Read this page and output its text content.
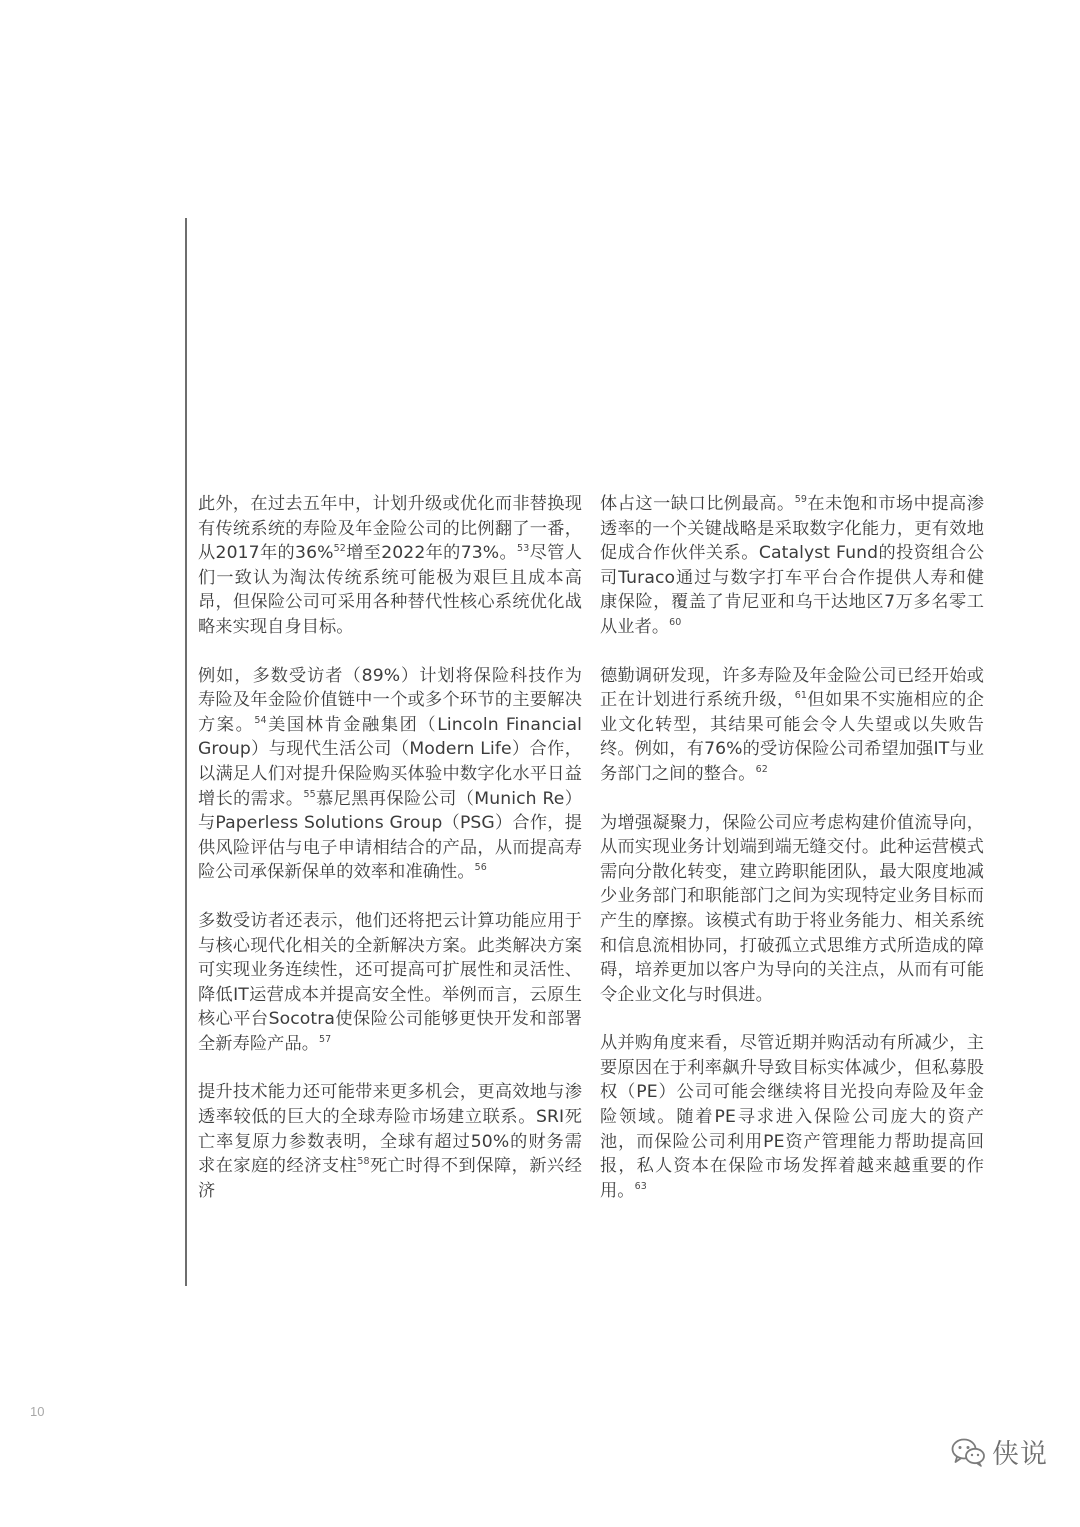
此外，在过去五年中，计划升级或优化而非替换现有传统系统的寿险及年金险公司的比例翻了一番，从2017年的36%$^{52}$增至2022年的73%。$^{53}$尽管人们一致认为淘汰传统系统可能极为艰巨且成本高昂，但保险公司可采用各种替代性核心系统优化战略来实现自身目标。

例如，多数受访者（89%）计划将保险科技作为寿险及年金险价值链中一个或多个环节的主要解决方案。$^{54}$美国林肯金融集团（Lincoln Financial Group）与现代生活公司（Modern Life）合作，以满足人们对提升保险购买体验中数字化水平日益增长的需求。$^{55}$慕尼黑再保险公司（Munich Re）与Paperless Solutions Group（PSG）合作，提供风险评估与电子申请相结合的产品，从而提高寿险公司承保新保单的效率和准确性。$^{56}$

多数受访者还表示，他们还将把云计算功能应用于与核心现代化相关的全新解决方案。此类解决方案可实现业务连续性，还可提高可扩展性和灵活性、降低IT运营成本并提高安全性。举例而言，云原生核心平台Socotra使保险公司能够更快开发和部署全新寿险产品。$^{57}$

提升技术能力还可能带来更多机会，更高效地与渗透率较低的巨大的全球寿险市场建立联系。SRI死亡率复原力参数表明，全球有超过50%的财务需求在家庭的经济支柱$^{58}$死亡时得不到保障，新兴经济

体占这一缺口比例最高。$^{59}$在未饱和市场中提高渗透率的一个关键战略是采取数字化能力，更有效地促成合作伙伴关系。Catalyst Fund的投资组合公司Turaco通过与数字打车平台合作提供人寿和健康保险，覆盖了肯尼亚和乌干达地区7万多名零工从业者。$^{60}$

德勤调研发现，许多寿险及年金险公司已经开始或正在计划进行系统升级，$^{61}$但如果不实施相应的企业文化转型，其结果可能会令人失望或以失败告终。例如，有76%的受访保险公司希望加强IT与业务部门之间的整合。$^{62}$

为增强凝聚力，保险公司应考虑构建价值流导向，从而实现业务计划端到端无缝交付。此种运营模式需向分散化转变，建立跨职能团队，最大限度地减少业务部门和职能部门之间为实现特定业务目标而产生的摩擦。该模式有助于将业务能力、相关系统和信息流相协同，打破孤立式思维方式所造成的障碍，培养更加以客户为导向的关注点，从而有可能令企业文化与时俱进。

从并购角度来看，尽管近期并购活动有所减少，主要原因在于利率飙升导致目标实体减少，但私募股权（PE）公司可能会继续将目光投向寿险及年金险领域。随着PE寻求进入保险公司庞大的资产池，而保险公司利用PE资产管理能力帮助提高回报，私人资本在保险市场发挥着越来越重要的作用。$^{63}$

10
侠说
